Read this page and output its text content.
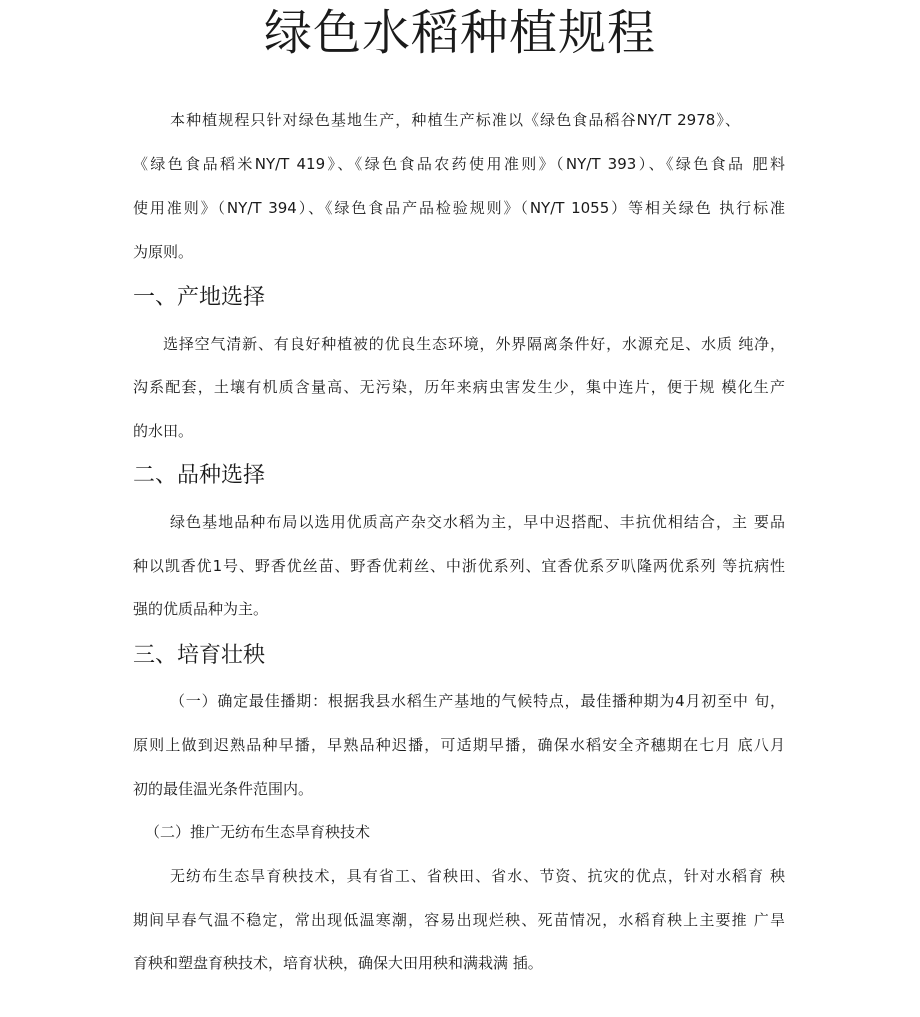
绿色水稻种植规程
本种植规程只针对绿色基地生产，种植生产标准以《绿色食品稻谷NY/T 2978》、
《绿色食品稻米NY/T 419》、《绿色食品农药使用准则》（NY/T 393）、《绿色食品 肥料
使用准则》（NY/T 394）、《绿色食品产品检验规则》（NY/T 1055）等相关绿色 执行标准
为原则。
一、产地选择
选择空气清新、有良好种植被的优良生态环境，外界隔离条件好，水源充足、水质 纯净，
沟系配套，土壤有机质含量高、无污染，历年来病虫害发生少，集中连片，便于规 模化生产
的水田。
二、品种选择
绿色基地品种布局以选用优质高产杂交水稻为主，早中迟搭配、丰抗优相结合，主 要品
种以凯香优1号、野香优丝苗、野香优莉丝、中浙优系列、宜香优系歹叭隆两优系列 等抗病性
强的优质品种为主。
三、培育壮秧
（一）确定最佳播期：根据我县水稻生产基地的气候特点，最佳播种期为4月初至中 旬，
原则上做到迟熟品种早播，早熟品种迟播，可适期早播，确保水稻安全齐穗期在七月 底八月
初的最佳温光条件范围内。
（二）推广无纺布生态旱育秧技术
无纺布生态旱育秧技术，具有省工、省秧田、省水、节资、抗灾的优点，针对水稻育 秧
期间早春气温不稳定，常出现低温寒潮，容易出现烂秧、死苗情况，水稻育秧上主要推 广旱
育秧和塑盘育秧技术，培育状秧，确保大田用秧和满栽满 插。
